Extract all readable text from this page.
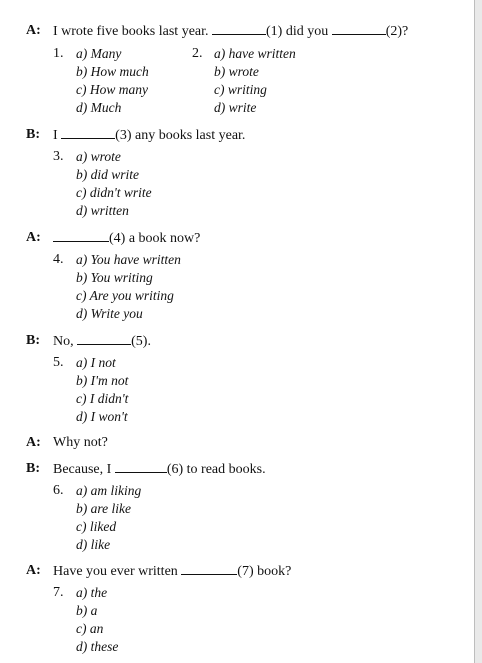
A: I wrote five books last year.	(1) did you	(2)?
1. a) Many
b) How much
c) How many
d) Much
2. a) have written
b) wrote
c) writing
d) write
B: I	(3) any books last year.
3. a) wrote
b) did write
c) didn't write
d) written
A:	(4) a book now?
4. a) You have written
b) You writing
c) Are you writing
d) Write you
B: No,	(5).
5. a) I not
b) I'm not
c) I didn't
d) I won't
A: Why not?
B: Because, I	(6) to read books.
6. a) am liking
b) are like
c) liked
d) like
A: Have you ever written	(7) book?
7. a) the
b) a
c) an
d) these
